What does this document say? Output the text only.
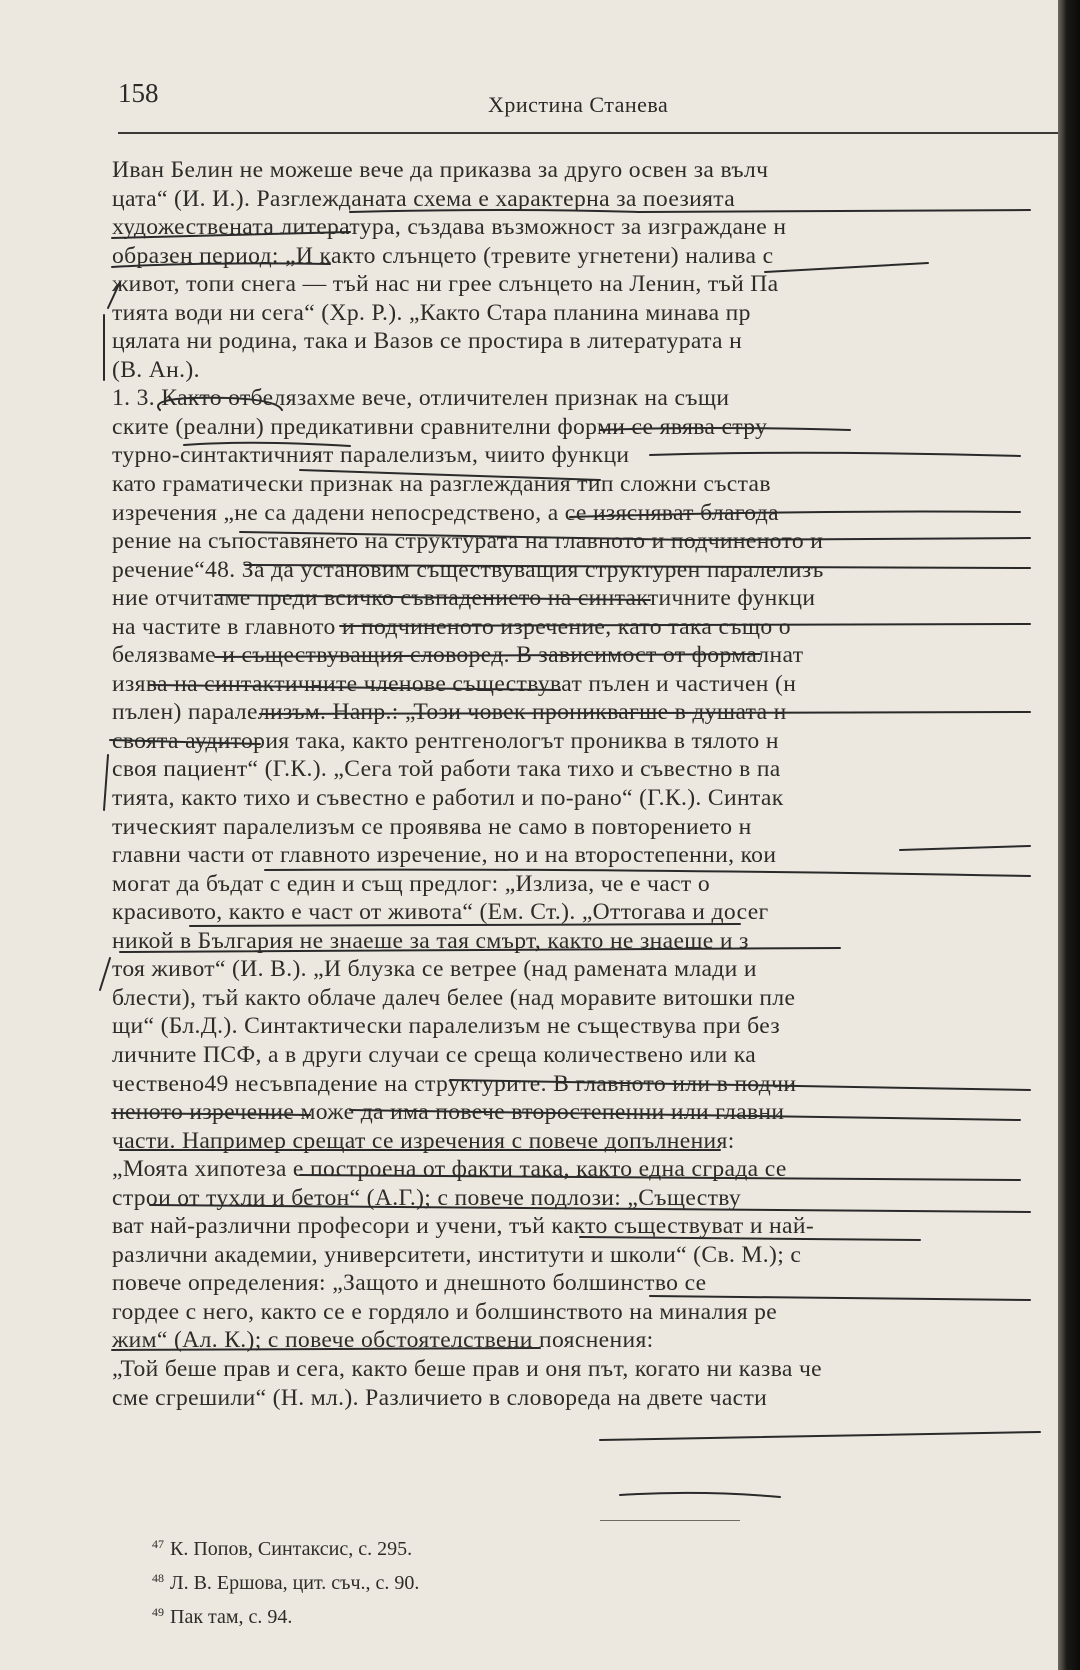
158	Христина Станева
Иван Белин не можеше вече да приказва за друго освен за вълч
цата“ (И. И.). Разглежданата схема е характерна за поезията
художествената литература, създава възможност за изграждане н
образен период: „И както слънцето (тревите угнетени) налива с
живот, топи снега — тъй нас ни грее слънцето на Ленин, тъй Па
тията води ни сега“ (Хр. Р.). „Както Стара планина минава пр
цялата ни родина, така и Вазов се простира в литературата н
(В. Ан.).
1. 3. Както отбелязахме вече, отличителен признак на същи
ските (реални) предикативни сравнителни форми се явява стру
турно-синтактичният паралелизъм, чиито функци
като граматически признак на разглеждания тип сложни състав
изречения „не са дадени непосредствено, а се изясняват благода
рение на съпоставянето на структурата на главното и подчиненото и
речение“48. За да установим съществуващия структурен паралелизъ
ние отчитаме преди всичко съвпадението на синтактичните функци
на частите в главното и подчиненото изречение, като така също о
белязваме и съществуващия словоред. В зависимост от формалнат
изява на синтактичните членове съществуват пълен и частичен (н
пълен) паралелизъм. Напр.: „Този човек прониквагше в душата н
своята аудитория така, както рентгенологът прониква в тялото н
своя пациент“ (Г.К.). „Сега той работи така тихо и съвестно в па
тията, както тихо и съвестно е работил и по-рано“ (Г.К.). Синтак
тическият паралелизъм се проявява не само в повторението н
главни части от главното изречение, но и на второстепенни, кои
могат да бъдат с един и същ предлог: „Излиза, че е част о
красивото, както е част от живота“ (Ем. Ст.). „Оттогава и досег
никой в България не знаеше за тая смърт, както не знаеше и з
тоя живот“ (И. В.). „И блузка се ветрее (над рамената млади и
блести), тъй както облаче далеч белее (над моравите витошки пле
щи“ (Бл.Д.). Синтактически паралелизъм не съществува при без
личните ПСФ, а в други случаи се среща количествено или ка
чествено49 несъвпадение на структурите. В главното или в подчи
неното изречение може да има повече второстепенни или главни
части. Например срещат се изречения с повече допълнения:
„Моята хипотеза е построена от факти така, както една сграда се
строи от тухли и бетон“ (А.Г.); с повече подлози: „Съществу
ват най-различни професори и учени, тъй както съществуват и най-
различни академии, университети, институти и школи“ (Св. М.); с
повече определения: „Защото и днешното болшинство се
гордее с него, както се е гордяло и болшинството на миналия ре
жим“ (Ал. К.); с повече обстоятелствени пояснения:
„Той беше прав и сега, както беше прав и оня път, когато ни казва че
сме сгрешили“ (Н. мл.). Различието в словореда на двете части
$^{47}$ К. Попов, Синтаксис, с. 295.
$^{48}$ Л. В. Ершова, цит. съч., с. 90.
$^{49}$ Пак там, с. 94.
